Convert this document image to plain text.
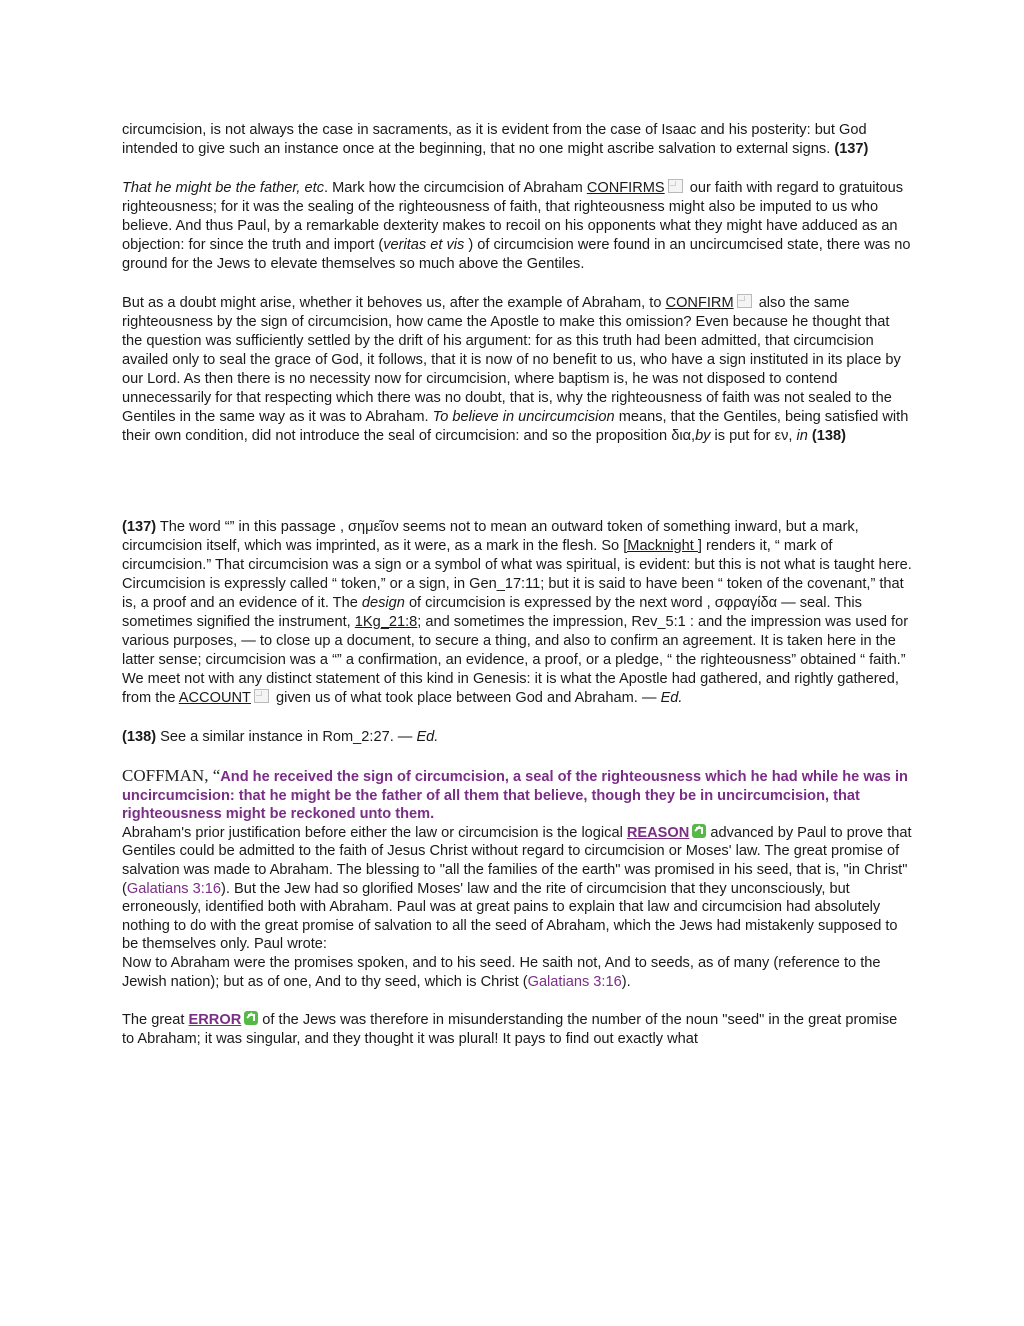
circumcision, is not always the case in sacraments, as it is evident from the case of Isaac and his posterity: but God intended to give such an instance once at the beginning, that no one might ascribe salvation to external signs. (137)

That he might be the father, etc. Mark how the circumcision of Abraham CONFIRMS our faith with regard to gratuitous righteousness; for it was the sealing of the righteousness of faith, that righteousness might also be imputed to us who believe. And thus Paul, by a remarkable dexterity makes to recoil on his opponents what they might have adduced as an objection: for since the truth and import (veritas et vis ) of circumcision were found in an uncircumcised state, there was no ground for the Jews to elevate themselves so much above the Gentiles.

But as a doubt might arise, whether it behoves us, after the example of Abraham, to CONFIRM also the same righteousness by the sign of circumcision, how came the Apostle to make this omission? Even because he thought that the question was sufficiently settled by the drift of his argument: for as this truth had been admitted, that circumcision availed only to seal the grace of God, it follows, that it is now of no benefit to us, who have a sign instituted in its place by our Lord. As then there is no necessity now for circumcision, where baptism is, he was not disposed to contend unnecessarily for that respecting which there was no doubt, that is, why the righteousness of faith was not sealed to the Gentiles in the same way as it was to Abraham. To believe in uncircumcision means, that the Gentiles, being satisfied with their own condition, did not introduce the seal of circumcision: and so the proposition δια,by is put for εν, in (138)

(137) The word “” in this passage , σημεῖον seems not to mean an outward token of something inward, but a mark, circumcision itself, which was imprinted, as it were, as a mark in the flesh. So [Macknight ] renders it, “ mark of circumcision.” That circumcision was a sign or a symbol of what was spiritual, is evident: but this is not what is taught here. Circumcision is expressly called “ token,” or a sign, in Gen_17:11; but it is said to have been “ token of the covenant,” that is, a proof and an evidence of it. The design of circumcision is expressed by the next word , σφραγίδα — seal. This sometimes signified the instrument, 1Kg_21:8; and sometimes the impression, Rev_5:1 : and the impression was used for various purposes, — to close up a document, to secure a thing, and also to confirm an agreement. It is taken here in the latter sense; circumcision was a “” a confirmation, an evidence, a proof, or a pledge, “ the righteousness” obtained “ faith.” We meet not with any distinct statement of this kind in Genesis: it is what the Apostle had gathered, and rightly gathered, from the ACCOUNT given us of what took place between God and Abraham. — Ed.

(138) See a similar instance in Rom_2:27. — Ed.

COFFMAN, “And he received the sign of circumcision, a seal of the righteousness which he had while he was in uncircumcision: that he might be the father of all them that believe, though they be in uncircumcision, that righteousness might be reckoned unto them.

Abraham's prior justification before either the law or circumcision is the logical REASON advanced by Paul to prove that Gentiles could be admitted to the faith of Jesus Christ without regard to circumcision or Moses' law. The great promise of salvation was made to Abraham. The blessing to "all the families of the earth" was promised in his seed, that is, "in Christ" (Galatians 3:16). But the Jew had so glorified Moses' law and the rite of circumcision that they unconsciously, but erroneously, identified both with Abraham. Paul was at great pains to explain that law and circumcision had absolutely nothing to do with the great promise of salvation to all the seed of Abraham, which the Jews had mistakenly supposed to be themselves only. Paul wrote:

Now to Abraham were the promises spoken, and to his seed. He saith not, And to seeds, as of many (reference to the Jewish nation); but as of one, And to thy seed, which is Christ (Galatians 3:16).

The great ERROR of the Jews was therefore in misunderstanding the number of the noun "seed" in the great promise to Abraham; it was singular, and they thought it was plural! It pays to find out exactly what
